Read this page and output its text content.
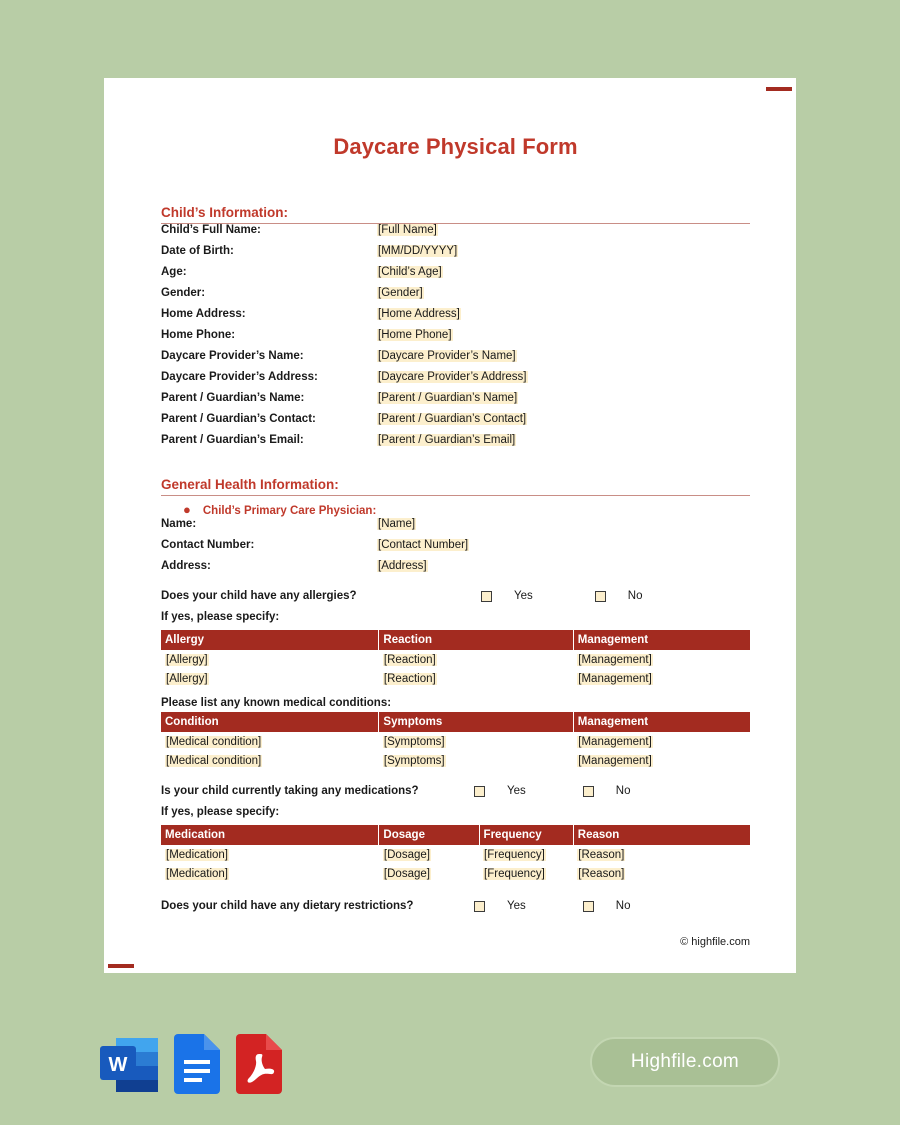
Daycare Physical Form
Child’s Information:
Child’s Full Name:	[Full Name]
Date of Birth:	[MM/DD/YYYY]
Age:	[Child’s Age]
Gender:	[Gender]
Home Address:	[Home Address]
Home Phone:	[Home Phone]
Daycare Provider’s Name:	[Daycare Provider’s Name]
Daycare Provider’s Address:	[Daycare Provider’s Address]
Parent / Guardian’s Name:	[Parent / Guardian’s Name]
Parent / Guardian’s Contact:	[Parent / Guardian’s Contact]
Parent / Guardian’s Email:	[Parent / Guardian’s Email]
General Health Information:
● Child’s Primary Care Physician:
Name:	[Name]
Contact Number:	[Contact Number]
Address:	[Address]
Does your child have any allergies?	Yes	No
If yes, please specify:
Allergy	Reaction	Management
[Allergy]	[Reaction]	[Management]
[Allergy]	[Reaction]	[Management]
Please list any known medical conditions:
Condition	Symptoms	Management
[Medical condition]	[Symptoms]	[Management]
[Medical condition]	[Symptoms]	[Management]
Is your child currently taking any medications?	Yes	No
If yes, please specify:
Medication	Dosage	Frequency	Reason
[Medication]	[Dosage]	[Frequency]	[Reason]
[Medication]	[Dosage]	[Frequency]	[Reason]
Does your child have any dietary restrictions?	Yes	No
© highfile.com
W	Highfile.com
